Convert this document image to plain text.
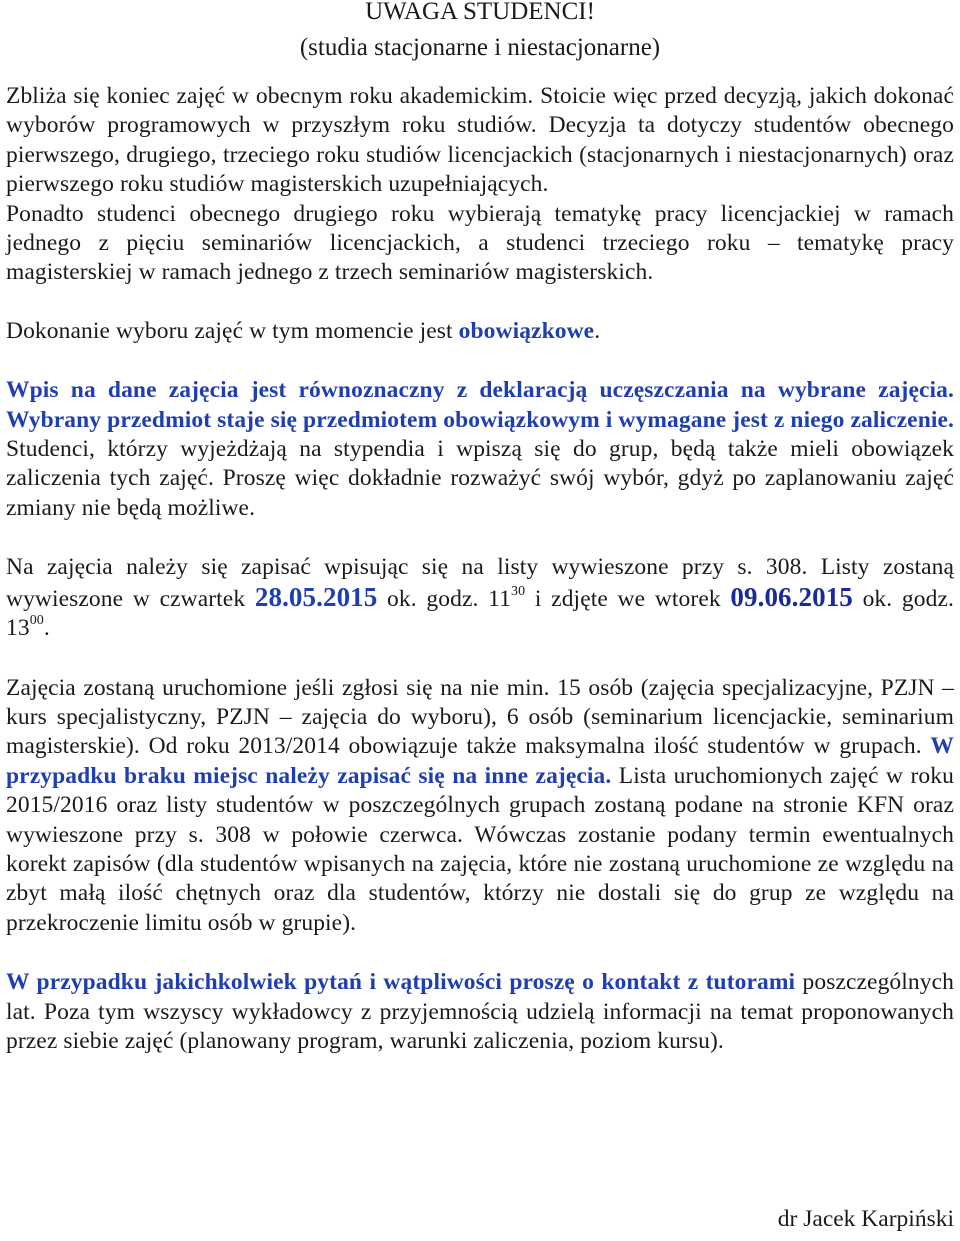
UWAGA STUDENCI!
(studia stacjonarne i niestacjonarne)

Zbliża się koniec zajęć w obecnym roku akademickim. Stoicie więc przed decyzją, jakich dokonać wyborów programowych w przyszłym roku studiów. Decyzja ta dotyczy studentów obecnego pierwszego, drugiego, trzeciego roku studiów licencjackich (stacjonarnych i niestacjonarnych) oraz pierwszego roku studiów magisterskich uzupełniających.

Ponadto studenci obecnego drugiego roku wybierają tematykę pracy licencjackiej w ramach jednego z pięciu seminariów licencjackich, a studenci trzeciego roku – tematykę pracy magisterskiej w ramach jednego z trzech seminariów magisterskich.

Dokonanie wyboru zajęć w tym momencie jest obowiązkowe.

Wpis na dane zajęcia jest równoznaczny z deklaracją uczęszczania na wybrane zajęcia. Wybrany przedmiot staje się przedmiotem obowiązkowym i wymagane jest z niego zaliczenie. Studenci, którzy wyjeżdżają na stypendia i wpiszą się do grup, będą także mieli obowiązek zaliczenia tych zajęć. Proszę więc dokładnie rozważyć swój wybór, gdyż po zaplanowaniu zajęć zmiany nie będą możliwe.

Na zajęcia należy się zapisać wpisując się na listy wywieszone przy s. 308. Listy zostaną wywieszone w czwartek 28.05.2015 ok. godz. $11^{30}$ i zdjęte we wtorek 09.06.2015 ok. godz. $13^{00}$.

Zajęcia zostaną uruchomione jeśli zgłosi się na nie min. 15 osób (zajęcia specjalizacyjne, PZJN – kurs specjalistyczny, PZJN – zajęcia do wyboru), 6 osób (seminarium licencjackie, seminarium magisterskie). Od roku 2013/2014 obowiązuje także maksymalna ilość studentów w grupach. W przypadku braku miejsc należy zapisać się na inne zajęcia. Lista uruchomionych zajęć w roku 2015/2016 oraz listy studentów w poszczególnych grupach zostaną podane na stronie KFN oraz wywieszone przy s. 308 w połowie czerwca. Wówczas zostanie podany termin ewentualnych korekt zapisów (dla studentów wpisanych na zajęcia, które nie zostaną uruchomione ze względu na zbyt małą ilość chętnych oraz dla studentów, którzy nie dostali się do grup ze względu na przekroczenie limitu osób w grupie).

W przypadku jakichkolwiek pytań i wątpliwości proszę o kontakt z tutorami poszczególnych lat. Poza tym wszyscy wykładowcy z przyjemnością udzielą informacji na temat proponowanych przez siebie zajęć (planowany program, warunki zaliczenia, poziom kursu).

dr Jacek Karpiński
